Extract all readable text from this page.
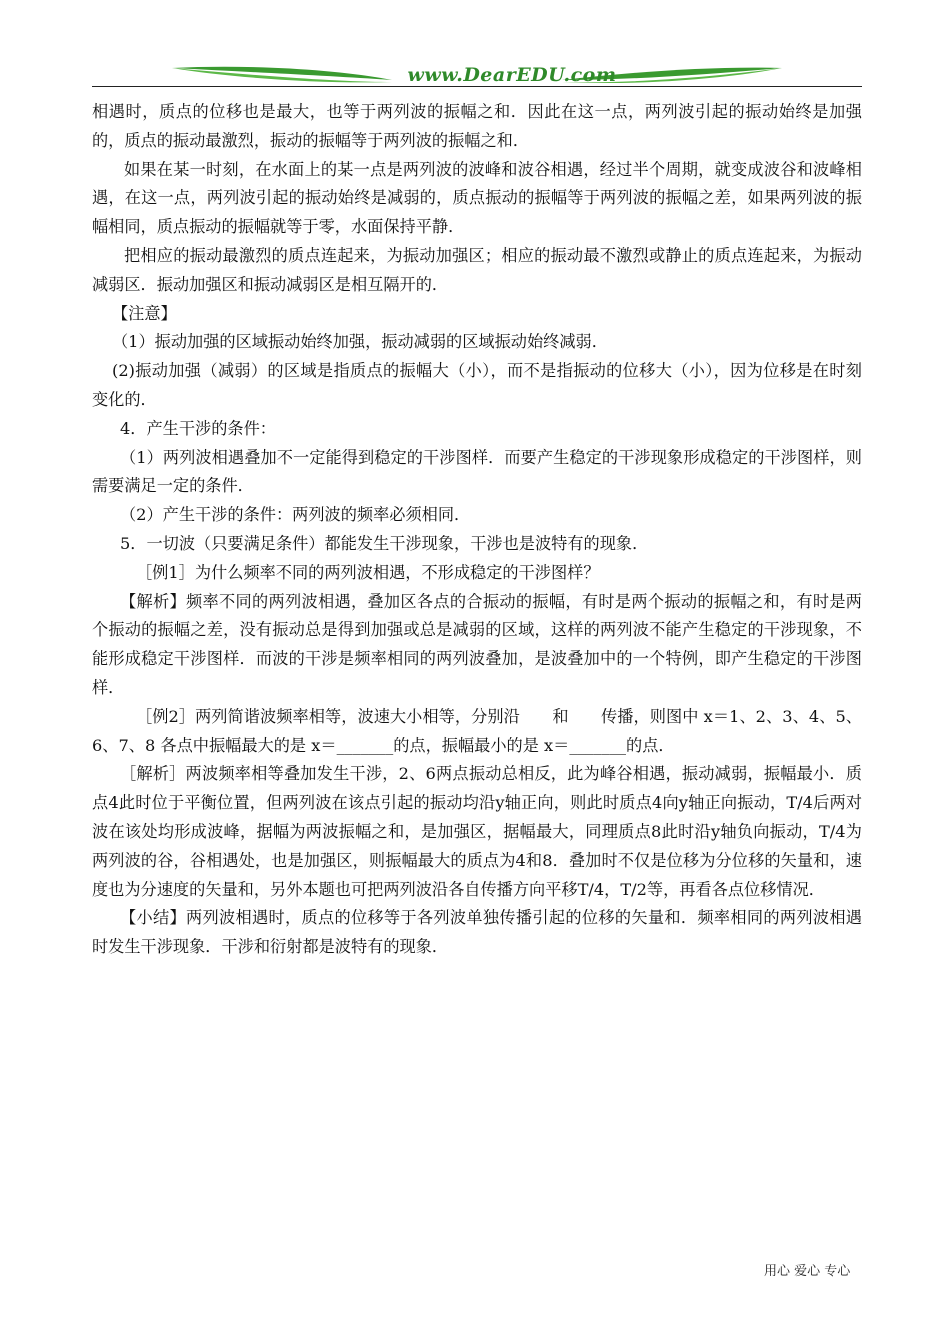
www.DearEDU.com

相遇时，质点的位移也是最大，也等于两列波的振幅之和．因此在这一点，两列波引起的振动始终是加强的，质点的振动最激烈，振动的振幅等于两列波的振幅之和．

如果在某一时刻，在水面上的某一点是两列波的波峰和波谷相遇，经过半个周期，就变成波谷和波峰相遇，在这一点，两列波引起的振动始终是减弱的，质点振动的振幅等于两列波的振幅之差，如果两列波的振幅相同，质点振动的振幅就等于零，水面保持平静．

把相应的振动最激烈的质点连起来，为振动加强区；相应的振动最不激烈或静止的质点连起来，为振动减弱区．振动加强区和振动减弱区是相互隔开的．

【注意】

（1）振动加强的区域振动始终加强，振动减弱的区域振动始终减弱．

(2)振动加强（减弱）的区域是指质点的振幅大（小），而不是指振动的位移大（小），因为位移是在时刻变化的．

4．产生干涉的条件：

（1）两列波相遇叠加不一定能得到稳定的干涉图样．而要产生稳定的干涉现象形成稳定的干涉图样，则需要满足一定的条件．

（2）产生干涉的条件：两列波的频率必须相同．

5．一切波（只要满足条件）都能发生干涉现象，干涉也是波特有的现象．

［例1］为什么频率不同的两列波相遇，不形成稳定的干涉图样？

【解析】频率不同的两列波相遇，叠加区各点的合振动的振幅，有时是两个振动的振幅之和，有时是两个振动的振幅之差，没有振动总是得到加强或总是减弱的区域，这样的两列波不能产生稳定的干涉现象，不能形成稳定干涉图样．而波的干涉是频率相同的两列波叠加，是波叠加中的一个特例，即产生稳定的干涉图样．

［例2］两列简谐波频率相等，波速大小相等，分别沿　　和　　传播，则图中 x＝1、2、3、4、5、6、7、8 各点中振幅最大的是 x＝_______的点，振幅最小的是 x＝_______的点．

［解析］两波频率相等叠加发生干涉，2、6两点振动总相反，此为峰谷相遇，振动减弱，振幅最小．质点4此时位于平衡位置，但两列波在该点引起的振动均沿y轴正向，则此时质点4向y轴正向振动，T/4后两对波在该处均形成波峰，据幅为两波振幅之和，是加强区，据幅最大，同理质点8此时沿y轴负向振动，T/4为两列波的谷，谷相遇处，也是加强区，则振幅最大的质点为4和8．叠加时不仅是位移为分位移的矢量和，速度也为分速度的矢量和，另外本题也可把两列波沿各自传播方向平移T/4，T/2等，再看各点位移情况．

【小结】两列波相遇时，质点的位移等于各列波单独传播引起的位移的矢量和．频率相同的两列波相遇时发生干涉现象．干涉和衍射都是波特有的现象．

用心 爱心 专心
